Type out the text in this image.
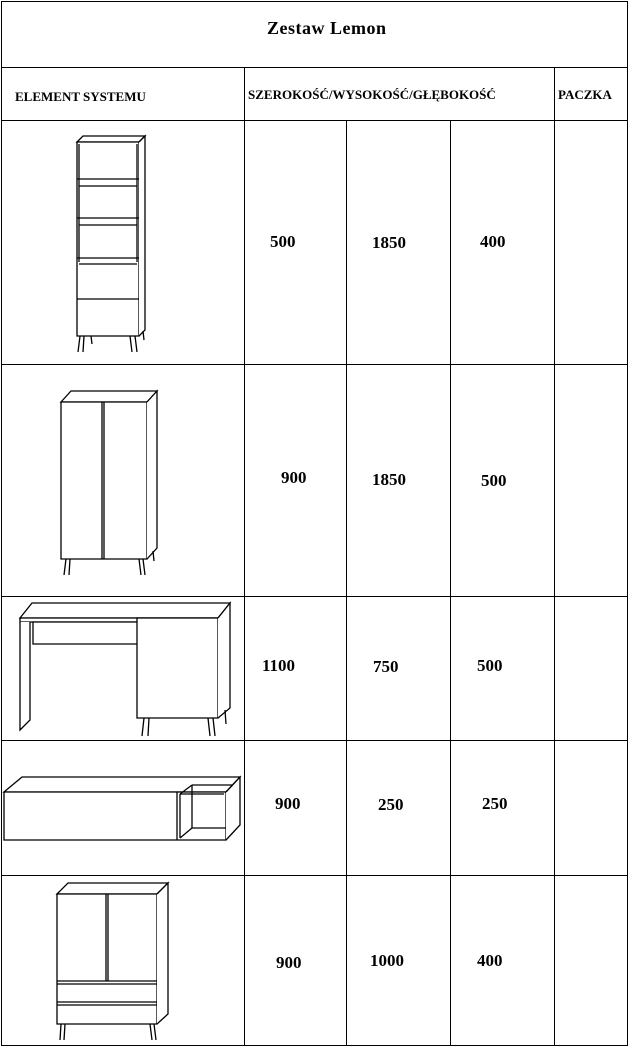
Zestaw Lemon
ELEMENT SYSTEMU	SZEROKOŚĆ/WYSOKOŚĆ/GŁĘBOKOŚĆ	PACZKA
500	1850	400
900	1850	500
1100	750	500
900	250	250
900	1000	400
